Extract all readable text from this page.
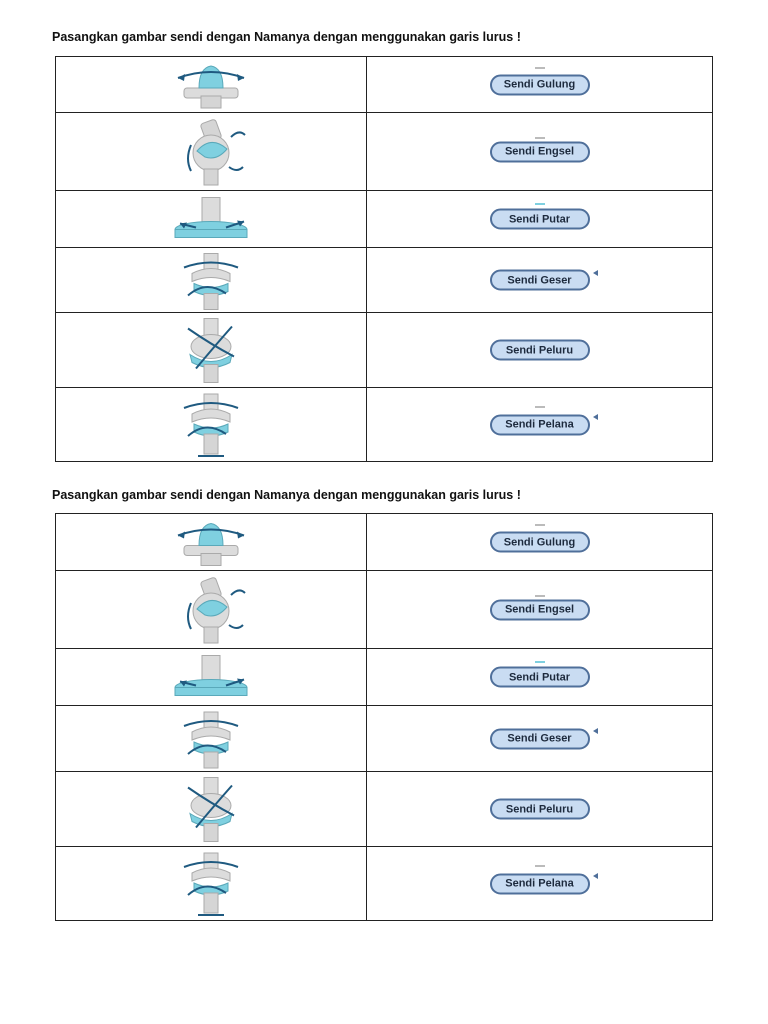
Pasangkan gambar sendi dengan Namanya dengan menggunakan garis lurus !

Sendi Gulung

Sendi Engsel

Sendi Putar

Sendi Geser

Sendi Peluru

Sendi Pelana
Pasangkan gambar sendi dengan Namanya dengan menggunakan garis lurus !

Sendi Gulung

Sendi Engsel

Sendi Putar

Sendi Geser

Sendi Peluru

Sendi Pelana
